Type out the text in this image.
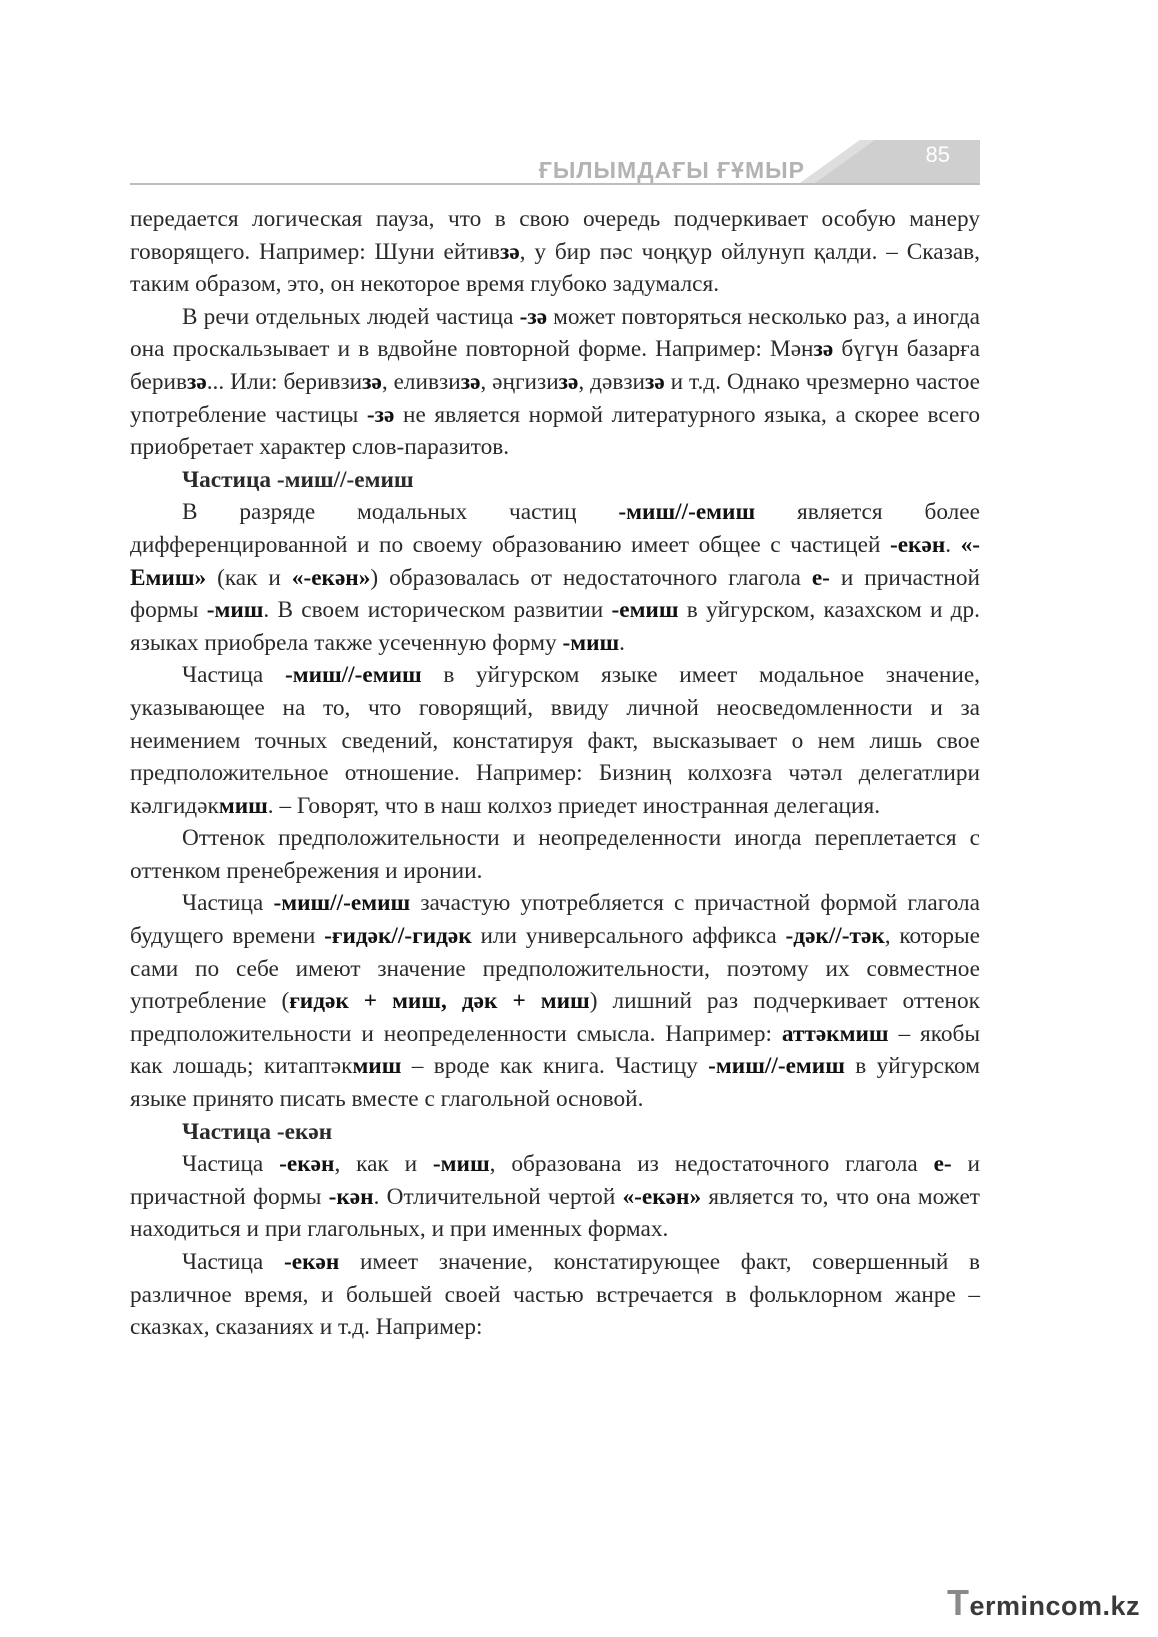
85
ҒЫЛЫМДАҒЫ ҒҰМЫР

передается логическая пауза, что в свою очередь подчеркивает особую манеру говорящего. Например: Шуни ейтивзә, у бир пәс чоңқур ойлунуп қалди. – Сказав, таким образом, это, он некоторое время глубоко задумался.

В речи отдельных людей частица -зә может повторяться несколько раз, а иногда она проскальзывает и в вдвойне повторной форме. Например: Мәнзә бүгүн базарға беривзә... Или: беривзизә, еливзизә, әңгизизә, дәвзизә и т.д. Однако чрезмерно частое употребление частицы -зә не является нормой литературного языка, а скорее всего приобретает характер слов-паразитов.

Частица -миш//-емиш

В разряде модальных частиц -миш//-емиш является более дифференцированной и по своему образованию имеет общее с частицей -екән. «-Емиш» (как и «-екән») образовалась от недостаточного глагола е- и причастной формы -миш. В своем историческом развитии -емиш в уйгурском, казахском и др. языках приобрела также усеченную форму -миш.

Частица -миш//-емиш в уйгурском языке имеет модальное значение, указывающее на то, что говорящий, ввиду личной неосведомленности и за неимением точных сведений, констатируя факт, высказывает о нем лишь свое предположительное отношение. Например: Бизниң колхозға чәтәл делегатлири кәлгидәкмиш. – Говорят, что в наш колхоз приедет иностранная делегация.

Оттенок предположительности и неопределенности иногда переплетается с оттенком пренебрежения и иронии.

Частица -миш//-емиш зачастую употребляется с причастной формой глагола будущего времени -ғидәк//-гидәк или универсального аффикса -дәк//-тәк, которые сами по себе имеют значение предположительности, поэтому их совместное употребление (ғидәк + миш, дәк + миш) лишний раз подчеркивает оттенок предположительности и неопределенности смысла. Например: аттәкмиш – якобы как лошадь; китаптәкмиш – вроде как книга. Частицу -миш//-емиш в уйгурском языке принято писать вместе с глагольной основой.

Частица -екән

Частица -екән, как и -миш, образована из недостаточного глагола е- и причастной формы -кән. Отличительной чертой «-екән» является то, что она может находиться и при глагольных, и при именных формах.

Частица -екән имеет значение, констатирующее факт, совершенный в различное время, и большей своей частью встречается в фольклорном жанре – сказках, сказаниях и т.д. Например:

Termincom.kz
